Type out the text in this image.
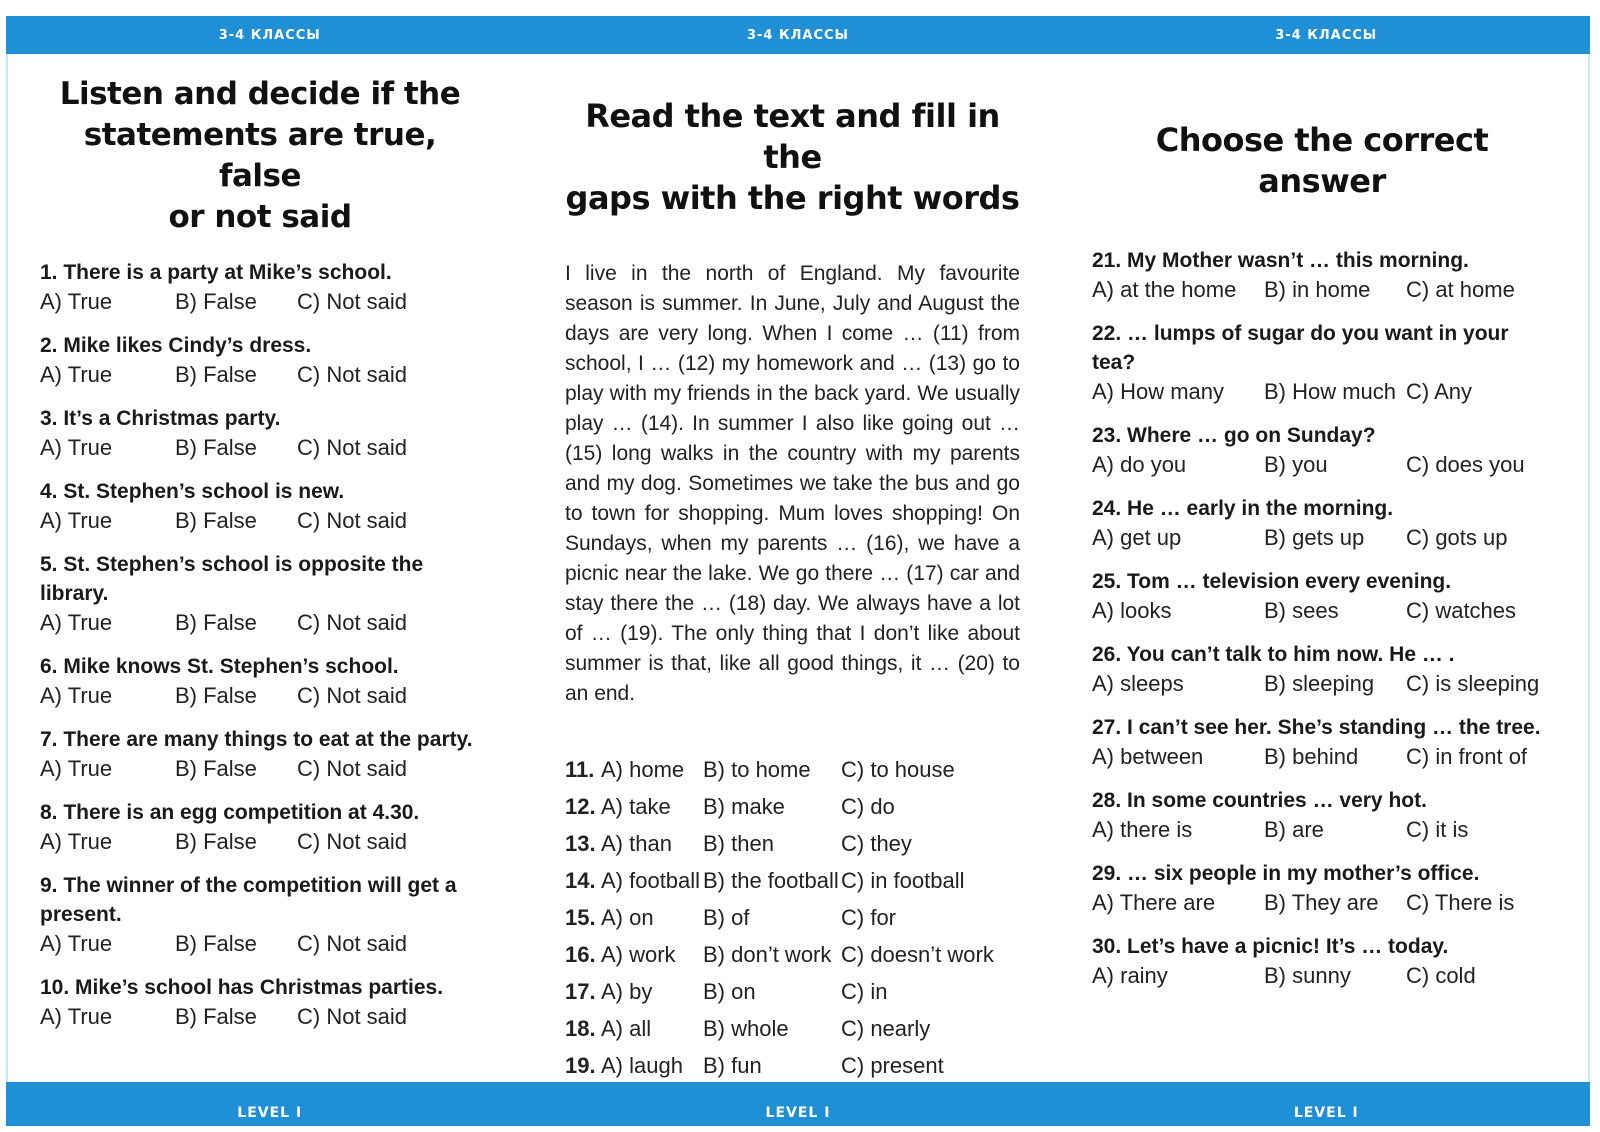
3-4 КЛАССЫ	3-4 КЛАССЫ	3-4 КЛАССЫ
Listen and decide if the
statements are true, false
or not said
1. There is a party at Mike’s school.
A) True	B) False	C) Not said
2. Mike likes Cindy’s dress.
A) True	B) False	C) Not said
3. It’s a Christmas party.
A) True	B) False	C) Not said
4. St. Stephen’s school is new.
A) True	B) False	C) Not said
5. St. Stephen’s school is opposite the library.
A) True	B) False	C) Not said
6. Mike knows St. Stephen’s school.
A) True	B) False	C) Not said
7. There are many things to eat at the party.
A) True	B) False	C) Not said
8. There is an egg competition at 4.30.
A) True	B) False	C) Not said
9. The winner of the competition will get a present.
A) True	B) False	C) Not said
10. Mike’s school has Christmas parties.
A) True	B) False	C) Not said
Read the text and fill in the
gaps with the right words
I live in the north of England. My favourite season is summer. In June, July and August the days are very long. When I come … (11) from school, I … (12) my homework and … (13) go to play with my friends in the back yard. We usually play … (14). In summer I also like going out … (15) long walks in the country with my parents and my dog. Sometimes we take the bus and go to town for shopping. Mum loves shopping! On Sundays, when my parents … (16), we have a picnic near the lake. We go there … (17) car and stay there the … (18) day. We always have a lot of … (19). The only thing that I don’t like about summer is that, like all good things, it … (20) to an end.
11. A) home B) to home	C) to house
12. A) take	B) make	C) do
13. A) than	B) then	C) they
14. A) football B) the football C) in football
15. A) on	B) of	C) for
16. A) work	B) don’t work C) doesn’t work
17. A) by	B) on	C) in
18. A) all	B) whole	C) nearly
19. A) laugh B) fun	C) present
Choose the correct answer
21. My Mother wasn’t … this morning.
A) at the home	B) in home	C) at home
22. … lumps of sugar do you want in your tea?
A) How many	B) How much C) Any
23. Where … go on Sunday?
A) do you	B) you	C) does you
24. He … early in the morning.
A) get up	B) gets up	C) gots up
25. Tom … television every evening.
A) looks	B) sees	C) watches
26. You can’t talk to him now. He … .
A) sleeps	B) sleeping	C) is sleeping
27. I can’t see her. She’s standing … the tree.
A) between	B) behind	C) in front of
28. In some countries … very hot.
A) there is	B) are	C) it is
29. … six people in my mother’s office.
A) There are	B) They are	C) There is
30. Let’s have a picnic! It’s … today.
A) rainy	B) sunny	C) cold
LEVEL I	LEVEL I	LEVEL I
